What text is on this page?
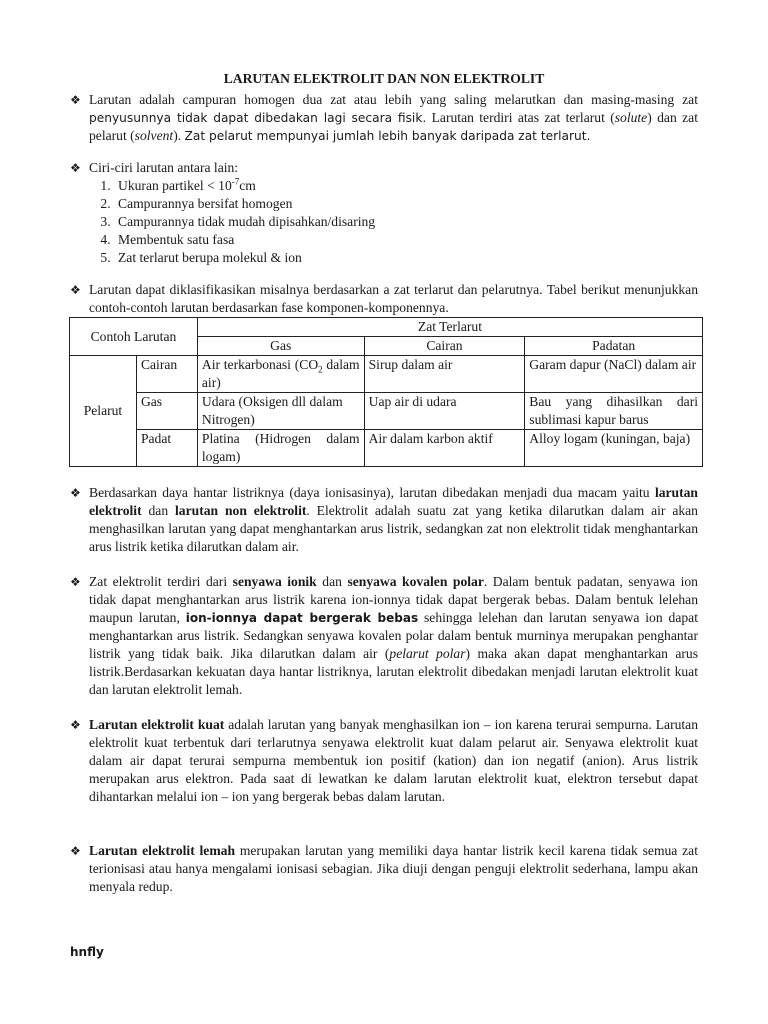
LARUTAN ELEKTROLIT DAN NON ELEKTROLIT
❖ Larutan adalah campuran homogen dua zat atau lebih yang saling melarutkan dan masing-masing zat penyusunnya tidak dapat dibedakan lagi secara fisik. Larutan terdiri atas zat terlarut (solute) dan zat pelarut (solvent). Zat pelarut mempunyai jumlah lebih banyak daripada zat terlarut.
❖ Ciri-ciri larutan antara lain:
1. Ukuran partikel < $10^{-7}cm$
2. Campurannya bersifat homogen
3. Campurannya tidak mudah dipisahkan/disaring
4. Membentuk satu fasa
5. Zat terlarut berupa molekul & ion
❖ Larutan dapat diklasifikasikan misalnya berdasarkan a zat terlarut dan pelarutnya. Tabel berikut menunjukkan contoh-contoh larutan berdasarkan fase komponen-komponennya.
Contoh Larutan		Zat Terlarut		
		Gas	Cairan	Padatan
Pelarut	Cairan	Air terkarbonasi ($CO_2$ dalam air)	Sirup dalam air	Garam dapur (NaCl) dalam air
	Gas	Udara (Oksigen dll dalam Nitrogen)	Uap air di udara	Bau yang dihasilkan dari sublimasi kapur barus
	Padat	Platina (Hidrogen dalam logam)	Air dalam karbon aktif	Alloy logam (kuningan, baja)
❖ Berdasarkan daya hantar listriknya (daya ionisasinya), larutan dibedakan menjadi dua macam yaitu larutan elektrolit dan larutan non elektrolit. Elektrolit adalah suatu zat yang ketika dilarutkan dalam air akan menghasilkan larutan yang dapat menghantarkan arus listrik, sedangkan zat non elektrolit tidak menghantarkan arus listrik ketika dilarutkan dalam air.
❖ Zat elektrolit terdiri dari senyawa ionik dan senyawa kovalen polar. Dalam bentuk padatan, senyawa ion tidak dapat menghantarkan arus listrik karena ion-ionnya tidak dapat bergerak bebas. Dalam bentuk lelehan maupun larutan, ion-ionnya dapat bergerak bebas sehingga lelehan dan larutan senyawa ion dapat menghantarkan arus listrik. Sedangkan senyawa kovalen polar dalam bentuk murninya merupakan penghantar listrik yang tidak baik. Jika dilarutkan dalam air (pelarut polar) maka akan dapat menghantarkan arus listrik.Berdasarkan kekuatan daya hantar listriknya, larutan elektrolit dibedakan menjadi larutan elektrolit kuat dan larutan elektrolit lemah.
❖ Larutan elektrolit kuat adalah larutan yang banyak menghasilkan ion – ion karena terurai sempurna. Larutan elektrolit kuat terbentuk dari terlarutnya senyawa elektrolit kuat dalam pelarut air. Senyawa elektrolit kuat dalam air dapat terurai sempurna membentuk ion positif (kation) dan ion negatif (anion). Arus listrik merupakan arus elektron. Pada saat di lewatkan ke dalam larutan elektrolit kuat, elektron tersebut dapat dihantarkan melalui ion – ion yang bergerak bebas dalam larutan.
❖ Larutan elektrolit lemah merupakan larutan yang memiliki daya hantar listrik kecil karena tidak semua zat terionisasi atau hanya mengalami ionisasi sebagian. Jika diuji dengan penguji elektrolit sederhana, lampu akan menyala redup.
hnfly
